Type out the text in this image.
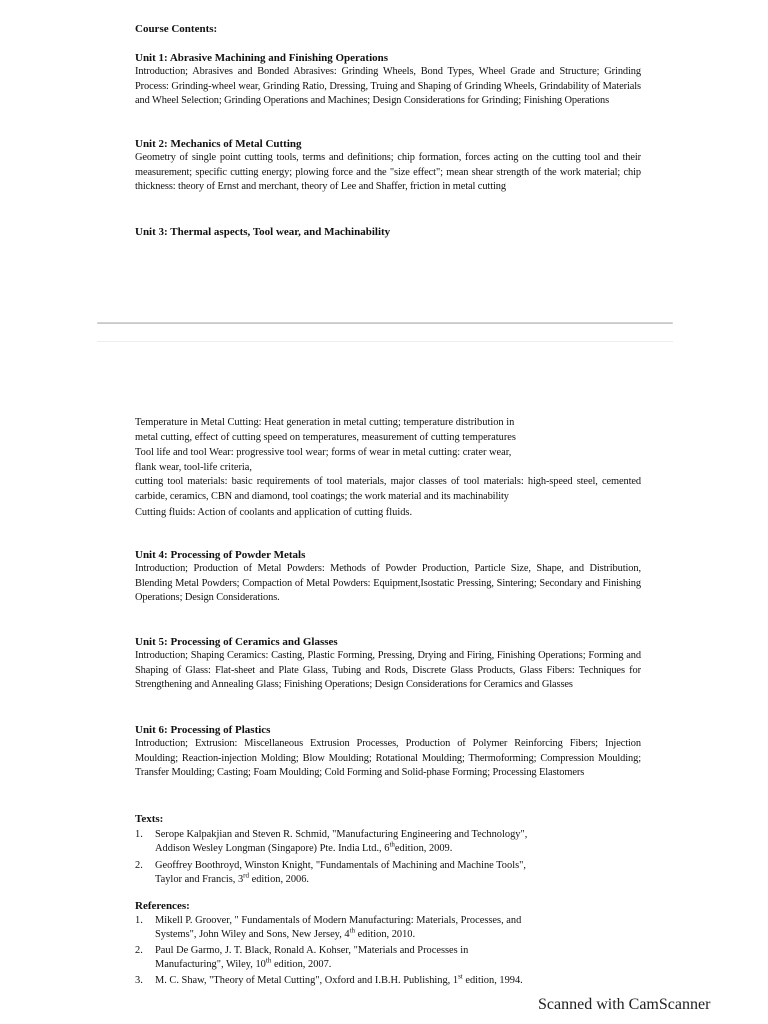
Course Contents:
Unit 1: Abrasive Machining and Finishing Operations
Introduction; Abrasives and Bonded Abrasives: Grinding Wheels, Bond Types, Wheel Grade and Structure; Grinding Process: Grinding-wheel wear, Grinding Ratio, Dressing, Truing and Shaping of Grinding Wheels, Grindability of Materials and Wheel Selection; Grinding Operations and Machines; Design Considerations for Grinding; Finishing Operations
Unit 2: Mechanics of Metal Cutting
Geometry of single point cutting tools, terms and definitions; chip formation, forces acting on the cutting tool and their measurement; specific cutting energy; plowing force and the "size effect"; mean shear strength of the work material; chip thickness: theory of Ernst and merchant, theory of Lee and Shaffer, friction in metal cutting
Unit 3: Thermal aspects, Tool wear, and Machinability
Temperature in Metal Cutting: Heat generation in metal cutting; temperature distribution in
metal cutting, effect of cutting speed on temperatures, measurement of cutting temperatures
Tool life and tool Wear: progressive tool wear; forms of wear in metal cutting: crater wear,
flank wear, tool-life criteria,
cutting tool materials: basic requirements of tool materials, major classes of tool materials: high-speed steel, cemented carbide, ceramics, CBN and diamond, tool coatings; the work material and its machinability
Cutting fluids: Action of coolants and application of cutting fluids.
Unit 4: Processing of Powder Metals
Introduction; Production of Metal Powders: Methods of Powder Production, Particle Size, Shape, and Distribution, Blending Metal Powders; Compaction of Metal Powders: Equipment,Isostatic Pressing, Sintering; Secondary and Finishing Operations; Design Considerations.
Unit 5: Processing of Ceramics and Glasses
Introduction; Shaping Ceramics: Casting, Plastic Forming, Pressing, Drying and Firing, Finishing Operations; Forming and Shaping of Glass: Flat-sheet and Plate Glass, Tubing and Rods, Discrete Glass Products, Glass Fibers: Techniques for Strengthening and Annealing Glass; Finishing Operations; Design Considerations for Ceramics and Glasses
Unit 6: Processing of Plastics
Introduction; Extrusion: Miscellaneous Extrusion Processes, Production of Polymer Reinforcing Fibers; Injection Moulding; Reaction-injection Molding; Blow Moulding; Rotational Moulding; Thermoforming; Compression Moulding; Transfer Moulding; Casting; Foam Moulding; Cold Forming and Solid-phase Forming; Processing Elastomers
Texts:
1. Serope Kalpakjian and Steven R. Schmid, "Manufacturing Engineering and Technology",
Addison Wesley Longman (Singapore) Pte. India Ltd., 6thedition, 2009.
2. Geoffrey Boothroyd, Winston Knight, "Fundamentals of Machining and Machine Tools",
Taylor and Francis, 3rd edition, 2006.
References:
1. Mikell P. Groover, " Fundamentals of Modern Manufacturing: Materials, Processes, and
Systems", John Wiley and Sons, New Jersey, 4th edition, 2010.
2. Paul De Garmo, J. T. Black, Ronald A. Kohser, "Materials and Processes in
Manufacturing", Wiley, 10th edition, 2007.
3. M. C. Shaw, "Theory of Metal Cutting", Oxford and I.B.H. Publishing, 1st edition, 1994.
Scanned with CamScanner
